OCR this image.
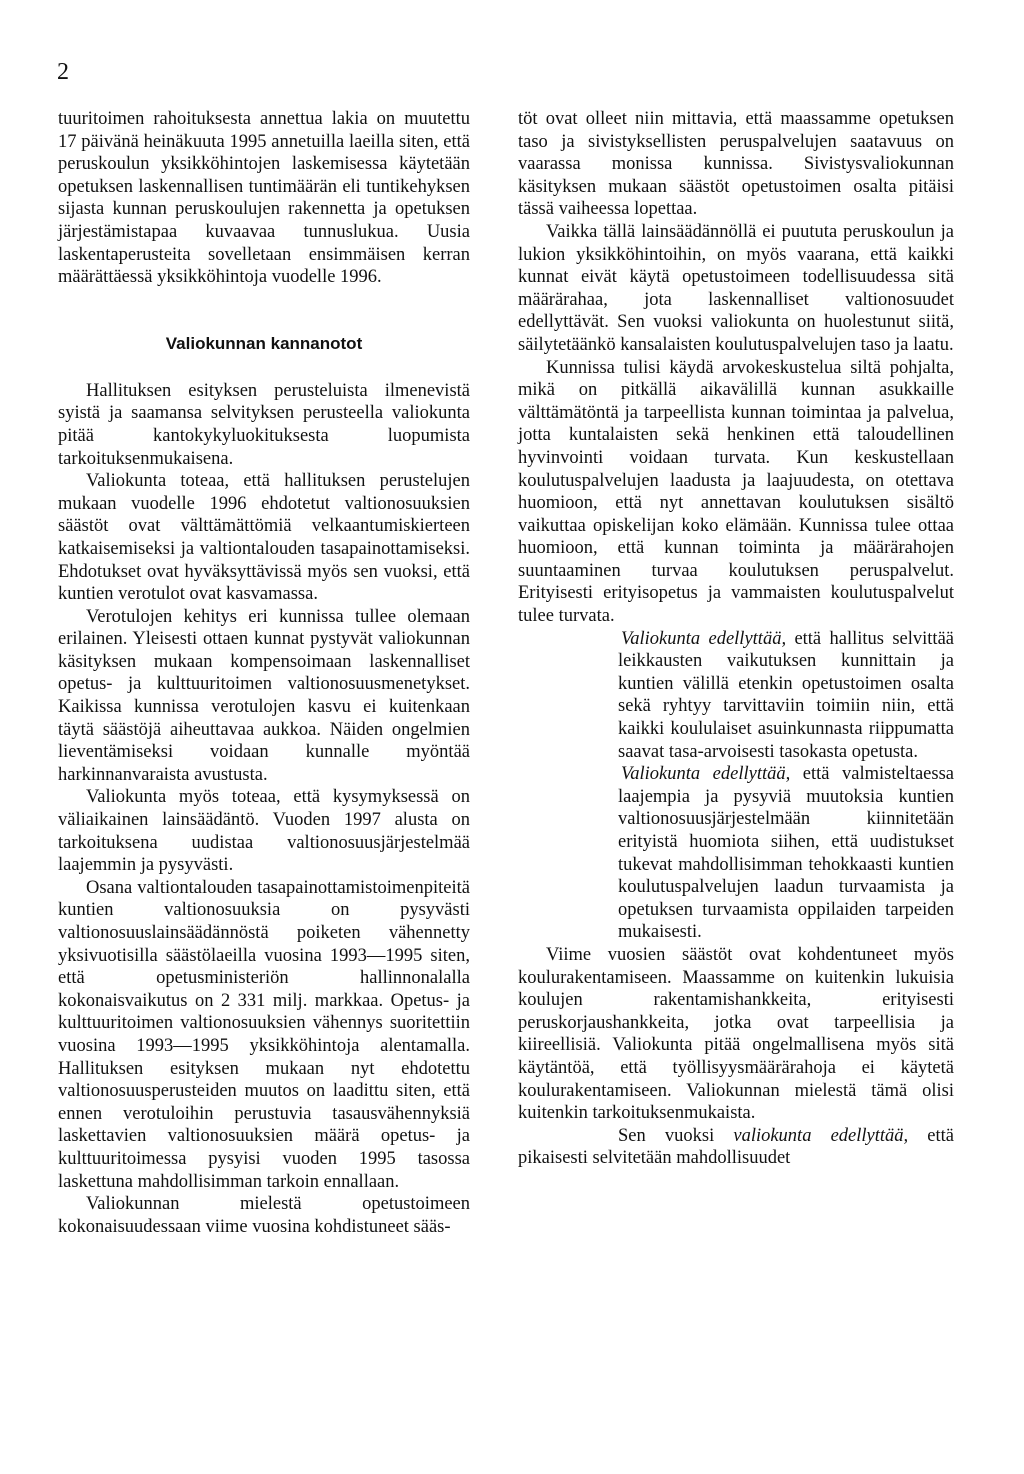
2

tuuritoimen rahoituksesta annettua lakia on muutettu 17 päivänä heinäkuuta 1995 annetuilla laeilla siten, että peruskoulun yksikköhintojen laskemisessa käytetään opetuksen laskennallisen tuntimäärän eli tuntikehyksen sijasta kunnan peruskoulujen rakennetta ja opetuksen järjestämistapaa kuvaavaa tunnuslukua. Uusia laskentaperusteita sovelletaan ensimmäisen kerran määrättäessä yksikköhintoja vuodelle 1996.

Valiokunnan kannanotot

Hallituksen esityksen perusteluista ilmenevistä syistä ja saamansa selvityksen perusteella valiokunta pitää kantokykyluokituksesta luopumista tarkoituksenmukaisena.

Valiokunta toteaa, että hallituksen perustelujen mukaan vuodelle 1996 ehdotetut valtionosuuksien säästöt ovat välttämättömiä velkaantumiskierteen katkaisemiseksi ja valtiontalouden tasapainottamiseksi. Ehdotukset ovat hyväksyttävissä myös sen vuoksi, että kuntien verotulot ovat kasvamassa.

Verotulojen kehitys eri kunnissa tullee olemaan erilainen. Yleisesti ottaen kunnat pystyvät valiokunnan käsityksen mukaan kompensoimaan laskennalliset opetus- ja kulttuuritoimen valtionosuusmenetykset. Kaikissa kunnissa verotulojen kasvu ei kuitenkaan täytä säästöjä aiheuttavaa aukkoa. Näiden ongelmien lieventämiseksi voidaan kunnalle myöntää harkinnanvaraista avustusta.

Valiokunta myös toteaa, että kysymyksessä on väliaikainen lainsäädäntö. Vuoden 1997 alusta on tarkoituksena uudistaa valtionosuusjärjestelmää laajemmin ja pysyvästi.

Osana valtiontalouden tasapainottamistoimenpiteitä kuntien valtionosuuksia on pysyvästi valtionosuuslainsäädännöstä poiketen vähennetty yksivuotisilla säästölaeilla vuosina 1993—1995 siten, että opetusministeriön hallinnonalalla kokonaisvaikutus on 2 331 milj. markkaa. Opetus- ja kulttuuritoimen valtionosuuksien vähennys suoritettiin vuosina 1993—1995 yksikköhintoja alentamalla. Hallituksen esityksen mukaan nyt ehdotettu valtionosuusperusteiden muutos on laadittu siten, että ennen verotuloihin perustuvia tasausvähennyksiä laskettavien valtionosuuksien määrä opetus- ja kulttuuritoimessa pysyisi vuoden 1995 tasossa laskettuna mahdollisimman tarkoin ennallaan.

Valiokunnan mielestä opetustoimeen kokonaisuudessaan viime vuosina kohdistuneet sääs-

töt ovat olleet niin mittavia, että maassamme opetuksen taso ja sivistyksellisten peruspalvelujen saatavuus on vaarassa monissa kunnissa. Sivistysvaliokunnan käsityksen mukaan säästöt opetustoimen osalta pitäisi tässä vaiheessa lopettaa.

Vaikka tällä lainsäädännöllä ei puututa peruskoulun ja lukion yksikköhintoihin, on myös vaarana, että kaikki kunnat eivät käytä opetustoimeen todellisuudessa sitä määrärahaa, jota laskennalliset valtionosuudet edellyttävät. Sen vuoksi valiokunta on huolestunut siitä, säilytetäänkö kansalaisten koulutuspalvelujen taso ja laatu.

Kunnissa tulisi käydä arvokeskustelua siltä pohjalta, mikä on pitkällä aikavälillä kunnan asukkaille välttämätöntä ja tarpeellista kunnan toimintaa ja palvelua, jotta kuntalaisten sekä henkinen että taloudellinen hyvinvointi voidaan turvata. Kun keskustellaan koulutuspalvelujen laadusta ja laajuudesta, on otettava huomioon, että nyt annettavan koulutuksen sisältö vaikuttaa opiskelijan koko elämään. Kunnissa tulee ottaa huomioon, että kunnan toiminta ja määrärahojen suuntaaminen turvaa koulutuksen peruspalvelut. Erityisesti erityisopetus ja vammaisten koulutuspalvelut tulee turvata.

Valiokunta edellyttää, että hallitus selvittää leikkausten vaikutuksen kunnittain ja kuntien välillä etenkin opetustoimen osalta sekä ryhtyy tarvittaviin toimiin niin, että kaikki koululaiset asuinkunnasta riippumatta saavat tasa-arvoisesti tasokasta opetusta.

Valiokunta edellyttää, että valmisteltaessa laajempia ja pysyviä muutoksia kuntien valtionosuusjärjestelmään kiinnitetään erityistä huomiota siihen, että uudistukset tukevat mahdollisimman tehokkaasti kuntien koulutuspalvelujen laadun turvaamista ja opetuksen turvaamista oppilaiden tarpeiden mukaisesti.

Viime vuosien säästöt ovat kohdentuneet myös koulurakentamiseen. Maassamme on kuitenkin lukuisia koulujen rakentamishankkeita, erityisesti peruskorjaushankkeita, jotka ovat tarpeellisia ja kiireellisiä. Valiokunta pitää ongelmallisena myös sitä käytäntöä, että työllisyysmäärärahoja ei käytetä koulurakentamiseen. Valiokunnan mielestä tämä olisi kuitenkin tarkoituksenmukaista.

Sen vuoksi valiokunta edellyttää, että pikaisesti selvitetään mahdollisuudet
